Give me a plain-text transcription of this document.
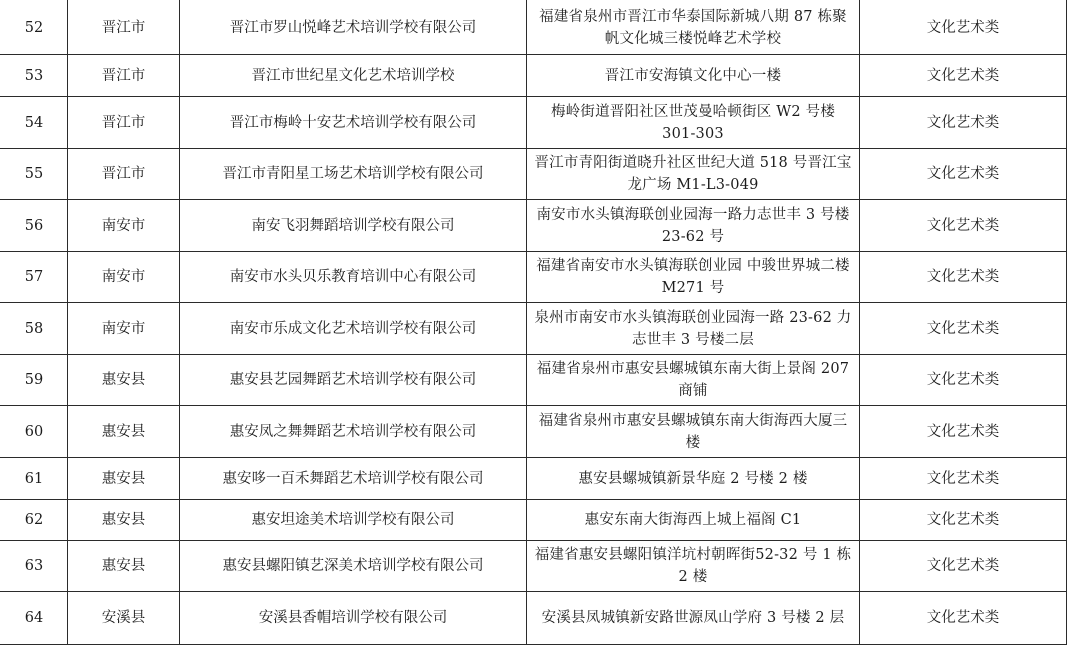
52	晋江市	晋江市罗山悦峰艺术培训学校有限公司	福建省泉州市晋江市华泰国际新城八期 87 栋聚帆文化城三楼悦峰艺术学校	文化艺术类
53	晋江市	晋江市世纪星文化艺术培训学校	晋江市安海镇文化中心一楼	文化艺术类
54	晋江市	晋江市梅岭十安艺术培训学校有限公司	梅岭街道晋阳社区世茂曼哈顿街区 W2 号楼 301-303	文化艺术类
55	晋江市	晋江市青阳星工场艺术培训学校有限公司	晋江市青阳街道晓升社区世纪大道 518 号晋江宝龙广场 M1-L3-049	文化艺术类
56	南安市	南安飞羽舞蹈培训学校有限公司	南安市水头镇海联创业园海一路力志世丰 3 号楼 23-62 号	文化艺术类
57	南安市	南安市水头贝乐教育培训中心有限公司	福建省南安市水头镇海联创业园 中骏世界城二楼 M271 号	文化艺术类
58	南安市	南安市乐成文化艺术培训学校有限公司	泉州市南安市水头镇海联创业园海一路 23-62 力志世丰 3 号楼二层	文化艺术类
59	惠安县	惠安县艺园舞蹈艺术培训学校有限公司	福建省泉州市惠安县螺城镇东南大街上景阁 207 商铺	文化艺术类
60	惠安县	惠安凤之舞舞蹈艺术培训学校有限公司	福建省泉州市惠安县螺城镇东南大街海西大厦三楼	文化艺术类
61	惠安县	惠安哆一百禾舞蹈艺术培训学校有限公司	惠安县螺城镇新景华庭 2 号楼 2 楼	文化艺术类
62	惠安县	惠安坦途美术培训学校有限公司	惠安东南大街海西上城上福阁 C1	文化艺术类
63	惠安县	惠安县螺阳镇艺深美术培训学校有限公司	福建省惠安县螺阳镇洋坑村朝晖街52-32 号 1 栋 2 楼	文化艺术类
64	安溪县	安溪县香帽培训学校有限公司	安溪县凤城镇新安路世源凤山学府 3 号楼 2 层	文化艺术类
